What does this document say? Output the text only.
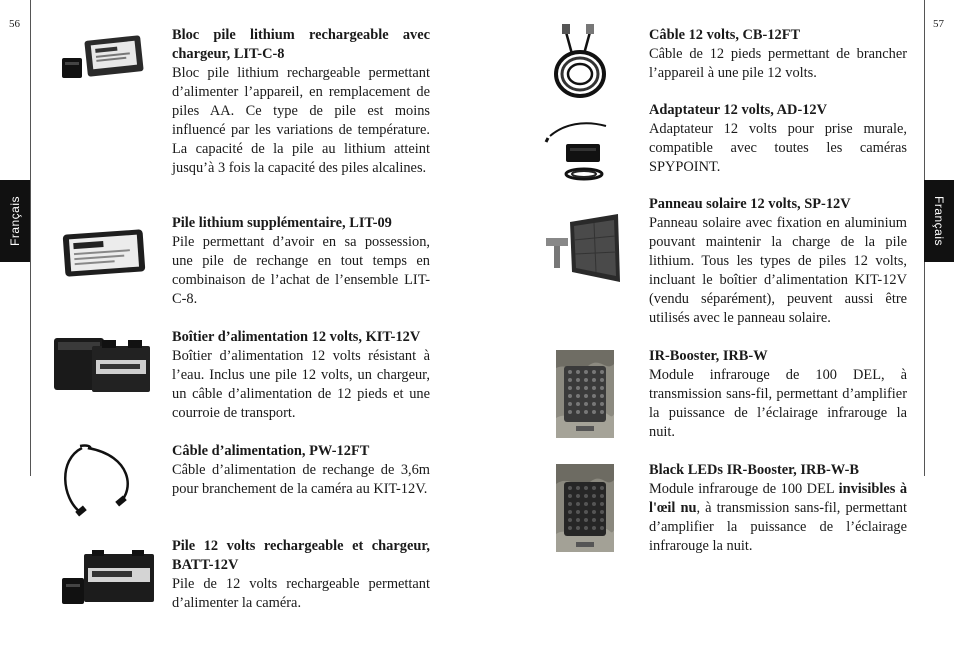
56	57
Français	Français
Bloc pile lithium rechargeable avec chargeur, LIT-C-8

Bloc pile lithium rechargeable permettant d’alimenter l’appareil, en remplacement de piles AA. Ce type de pile est moins influencé par les variations de température. La capacité de la pile au lithium atteint jusqu’à 3 fois la capacité des piles alcalines.

Pile lithium supplémentaire, LIT-09

Pile permettant d’avoir en sa possession, une pile de rechange en tout temps en combinaison de l’achat de l’ensemble LIT-C-8.

Boîtier d’alimentation 12 volts, KIT-12V

Boîtier d’alimentation 12 volts résistant à l’eau. Inclus une pile 12 volts, un chargeur, un câble d’alimentation de 12 pieds et une courroie de transport.

Câble d’alimentation, PW-12FT

Câble d’alimentation de rechange de 3,6m pour branchement de la caméra au KIT-12V.

Pile 12 volts rechargeable et chargeur, BATT-12V

Pile de 12 volts rechargeable permettant d’alimenter la caméra.

Câble 12 volts, CB-12FT

Câble de 12 pieds permettant de brancher l’appareil à une pile 12 volts.

Adaptateur 12 volts, AD-12V

Adaptateur 12 volts pour prise murale, compatible avec toutes les caméras SPYPOINT.

Panneau solaire 12 volts, SP-12V

Panneau solaire avec fixation en aluminium pouvant maintenir la charge de la pile lithium. Tous les types de piles 12 volts, incluant le boîtier d’alimentation KIT-12V (vendu séparément), peuvent aussi être utilisés avec le panneau solaire.

IR-Booster, IRB-W

Module infrarouge de 100 DEL, à transmission sans-fil, permettant d’amplifier la puissance de l’éclairage infrarouge la nuit.

Black LEDs IR-Booster, IRB-W-B

Module infrarouge de 100 DEL invisibles à l'œil nu, à transmission sans-fil, permettant d’amplifier la puissance de l’éclairage infrarouge la nuit.
